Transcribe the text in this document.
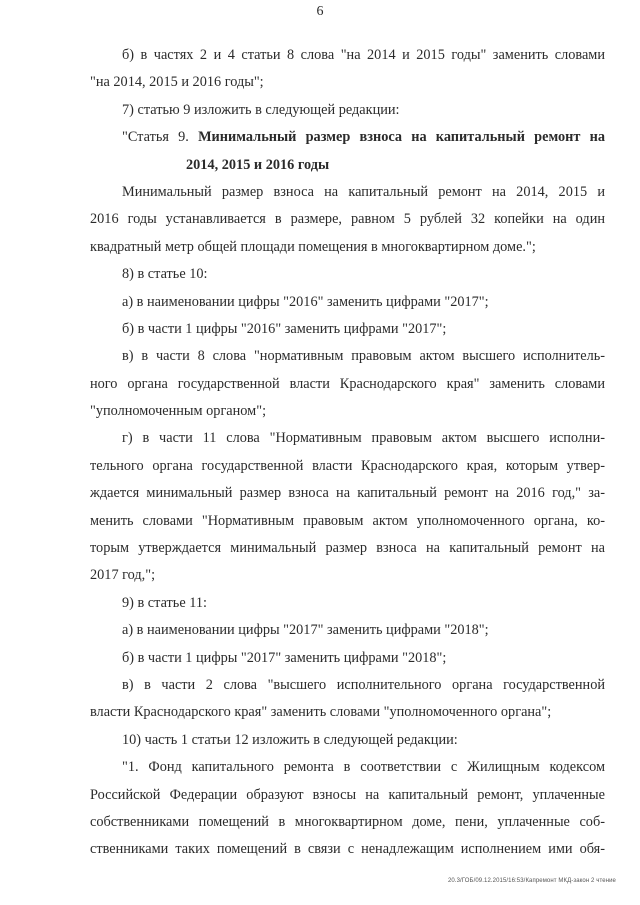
6
б) в частях 2 и 4 статьи 8 слова "на 2014 и 2015 годы" заменить словами
"на 2014, 2015 и 2016 годы";
7) статью 9 изложить в следующей редакции:
"Статья 9. Минимальный размер взноса на капитальный ремонт на
2014, 2015 и 2016 годы
Минимальный размер взноса на капитальный ремонт на 2014, 2015 и
2016 годы устанавливается в размере, равном 5 рублей 32 копейки на один
квадратный метр общей площади помещения в многоквартирном доме.";
8) в статье 10:
а) в наименовании цифры "2016" заменить цифрами "2017";
б) в части 1 цифры "2016" заменить цифрами "2017";
в) в части 8 слова "нормативным правовым актом высшего исполнитель-
ного органа государственной власти Краснодарского края" заменить словами
"уполномоченным органом";
г) в части 11 слова "Нормативным правовым актом высшего исполни-
тельного органа государственной власти Краснодарского края, которым утвер-
ждается минимальный размер взноса на капитальный ремонт на 2016 год," за-
менить словами "Нормативным правовым актом уполномоченного органа, ко-
торым утверждается минимальный размер взноса на капитальный ремонт на
2017 год,";
9) в статье 11:
а) в наименовании цифры "2017" заменить цифрами "2018";
б) в части 1 цифры "2017" заменить цифрами "2018";
в) в части 2 слова "высшего исполнительного органа государственной
власти Краснодарского края" заменить словами "уполномоченного органа";
10) часть 1 статьи 12 изложить в следующей редакции:
"1. Фонд капитального ремонта в соответствии с Жилищным кодексом
Российской Федерации образуют взносы на капитальный ремонт, уплаченные
собственниками помещений в многоквартирном доме, пени, уплаченные соб-
ственниками таких помещений в связи с ненадлежащим исполнением ими обя-
20.3/ГОБ/09.12.2015/16:53/Капремонт МКД-закон 2 чтение
